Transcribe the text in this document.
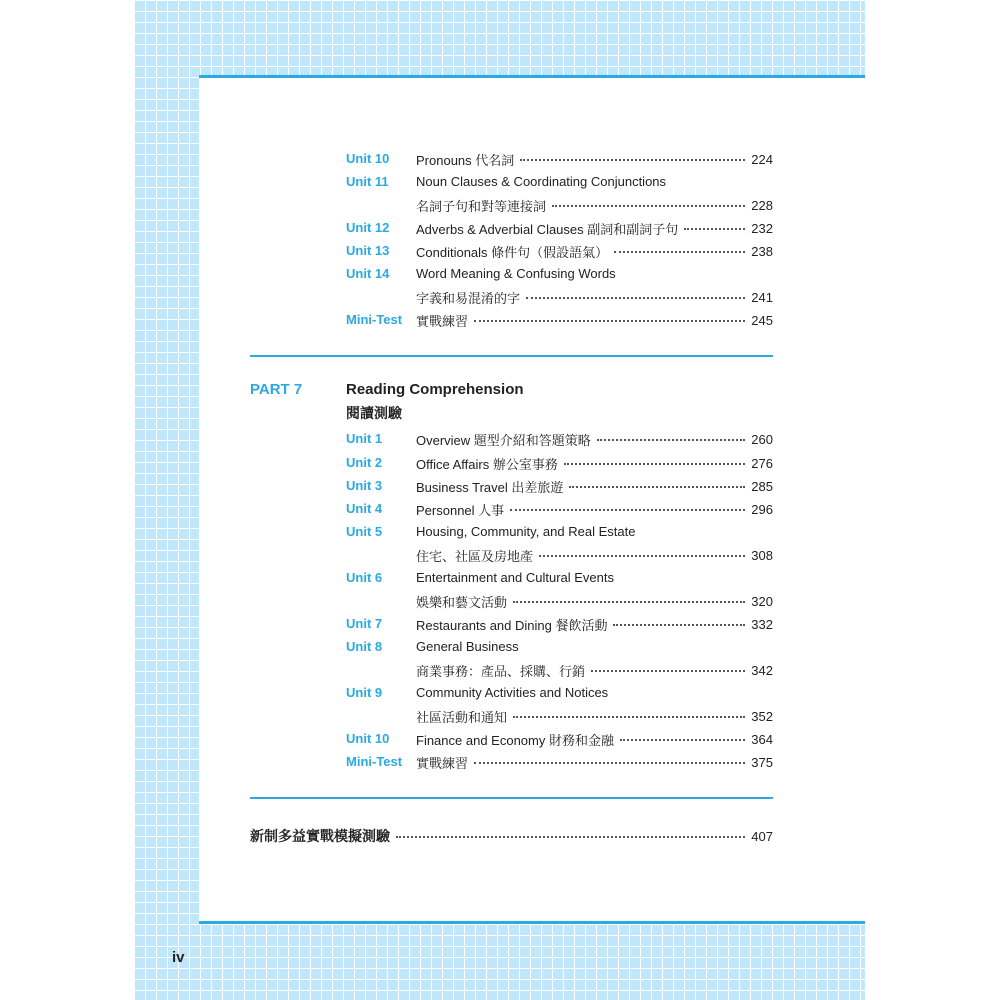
Unit 10 Pronouns 代名詞	224
Unit 11 Noun Clauses & Coordinating Conjunctions
名詞子句和對等連接詞	228
Unit 12 Adverbs & Adverbial Clauses 副詞和副詞子句	232
Unit 13 Conditionals 條件句（假設語氣）	238
Unit 14 Word Meaning & Confusing Words
字義和易混淆的字	241
Mini-Test 實戰練習	245
PART 7	Reading Comprehension
閱讀測驗
Unit 1	Overview 題型介紹和答題策略	260
Unit 2	Office Affairs 辦公室事務	276
Unit 3	Business Travel 出差旅遊	285
Unit 4	Personnel 人事	296
Unit 5	Housing, Community, and Real Estate
住宅、社區及房地產	308
Unit 6	Entertainment and Cultural Events
娛樂和藝文活動	320
Unit 7	Restaurants and Dining 餐飲活動	332
Unit 8	General Business
商業事務：產品、採購、行銷	342
Unit 9	Community Activities and Notices
社區活動和通知	352
Unit 10 Finance and Economy 財務和金融	364
Mini-Test 實戰練習	375
新制多益實戰模擬測驗	407
iv
